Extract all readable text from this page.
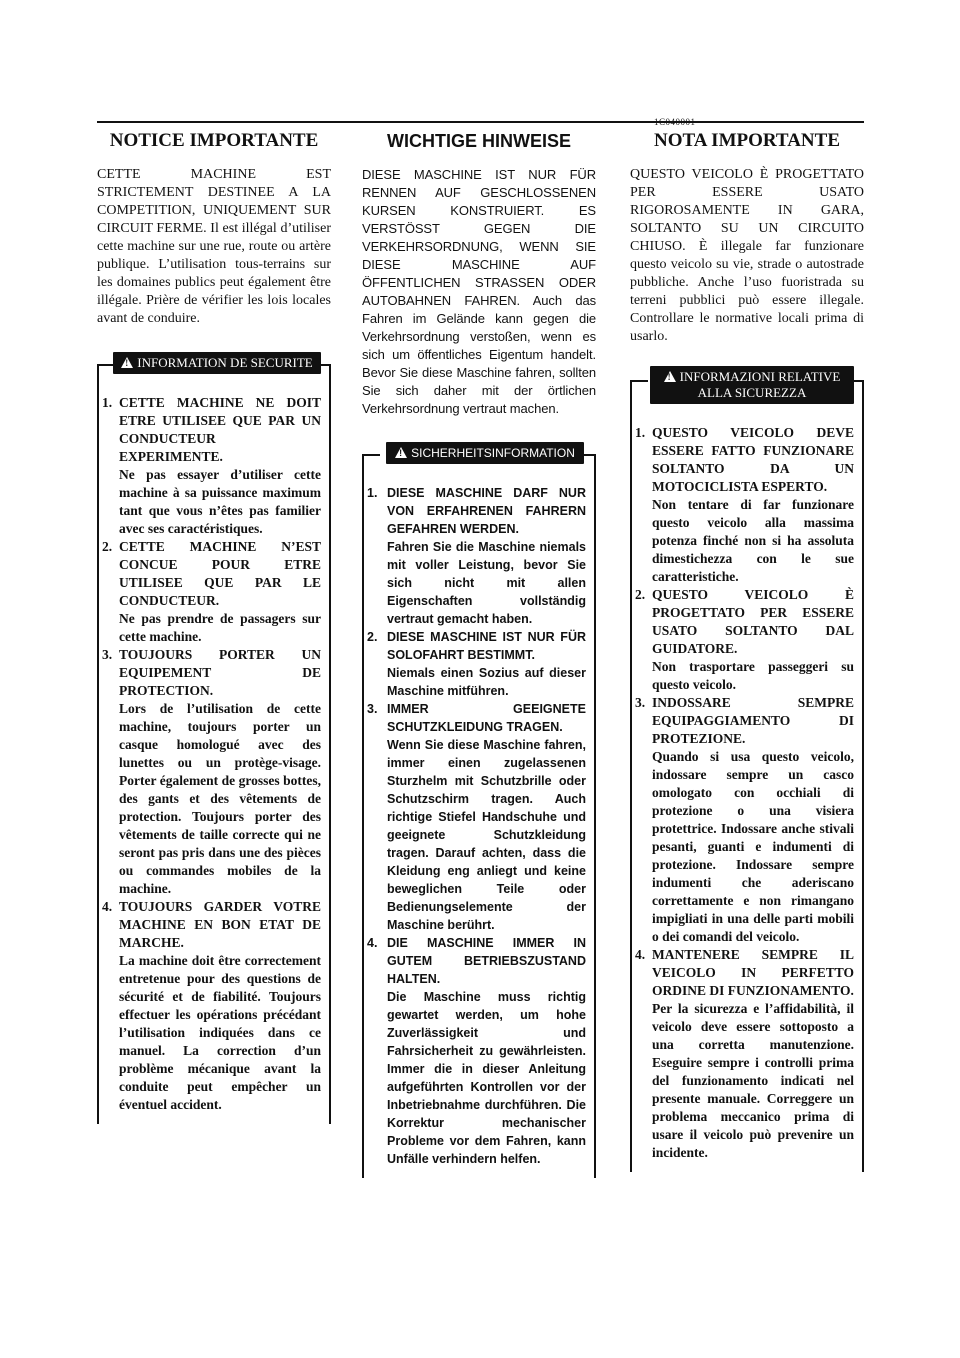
NOTICE IMPORTANTE
CETTE MACHINE EST STRICTEMENT DESTINEE A LA COMPETITION, UNIQUEMENT SUR CIRCUIT FERME. Il est illégal d’utiliser cette machine sur une rue, route ou artère publique. L’utilisation tous-terrains sur les domaines publics peut également être illégale. Prière de vérifier les lois locales avant de conduire.
!INFORMATION DE SECURITE
1. CETTE MACHINE NE DOIT ETRE UTILISEE QUE PAR UN CONDUCTEUR EXPERIMENTE.
Ne pas essayer d’utiliser cette machine à sa puissance maximum tant que vous n’êtes pas familier avec ses caractéristiques.
2. CETTE MACHINE N’EST CONCUE POUR ETRE UTILISEE QUE PAR LE CONDUCTEUR.
Ne pas prendre de passagers sur cette machine.
3. TOUJOURS PORTER UN EQUIPEMENT DE PROTECTION.
Lors de l’utilisation de cette machine, toujours porter un casque homologué avec des lunettes ou un protège-visage. Porter également de grosses bottes, des gants et des vêtements de protection. Toujours porter des vêtements de taille correcte qui ne seront pas pris dans une des pièces ou commandes mobiles de la machine.
4. TOUJOURS GARDER VOTRE MACHINE EN BON ETAT DE MARCHE.
La machine doit être correctement entretenue pour des questions de sécurité et de fiabilité. Toujours effectuer les opérations précédant l’utilisation indiquées dans ce manuel. La correction d’un problème mécanique avant la conduite peut empêcher un éventuel accident.
WICHTIGE HINWEISE
DIESE MASCHINE IST NUR FÜR RENNEN AUF GESCHLOSSENEN KURSEN KONSTRUIERT. ES VERSTÖSST GEGEN DIE VERKEHRSORDNUNG, WENN SIE DIESE MASCHINE AUF ÖFFENTLICHEN STRASSEN ODER AUTOBAHNEN FAHREN. Auch das Fahren im Gelände kann gegen die Verkehrsordnung verstoßen, wenn es sich um öffentliches Eigentum handelt. Bevor Sie diese Maschine fahren, sollten Sie sich daher mit der örtlichen Verkehrsordnung vertraut machen.
!SICHERHEITSINFORMATION
1. DIESE MASCHINE DARF NUR VON ERFAHRENEN FAHRERN GEFAHREN WERDEN.
Fahren Sie die Maschine niemals mit voller Leistung, bevor Sie sich nicht mit allen Eigenschaften vollständig vertraut gemacht haben.
2. DIESE MASCHINE IST NUR FÜR SOLOFAHRT BESTIMMT.
Niemals einen Sozius auf dieser Maschine mitführen.
3. IMMER GEEIGNETE SCHUTZKLEIDUNG TRAGEN.
Wenn Sie diese Maschine fahren, immer einen zugelassenen Sturzhelm mit Schutzbrille oder Schutzschirm tragen. Auch richtige Stiefel Handschuhe und geeignete Schutzkleidung tragen. Darauf achten, dass die Kleidung eng anliegt und keine beweglichen Teile oder Bedienungselemente der Maschine berührt.
4. DIE MASCHINE IMMER IN GUTEM BETRIEBSZUSTAND HALTEN.
Die Maschine muss richtig gewartet werden, um hohe Zuverlässigkeit und Fahrsicherheit zu gewährleisten. Immer die in dieser Anleitung aufgeführten Kontrollen vor der Inbetriebnahme durchführen. Die Korrektur mechanischer Probleme vor dem Fahren, kann Unfälle verhindern helfen.
NOTA IMPORTANTE
QUESTO VEICOLO È PROGETTATO PER ESSERE USATO RIGOROSAMENTE IN GARA, SOLTANTO SU UN CIRCUITO CHIUSO. È illegale far funzionare questo veicolo su vie, strade o autostrade pubbliche. Anche l’uso fuoristrada su terreni pubblici può essere illegale. Controllare le normative locali prima di usarlo.
!INFORMAZIONI RELATIVE ALLA SICUREZZA
1. QUESTO VEICOLO DEVE ESSERE FATTO FUNZIONARE SOLTANTO DA UN MOTOCICLISTA ESPERTO.
Non tentare di far funzionare questo veicolo alla massima potenza finché non si ha assoluta dimestichezza con le sue caratteristiche.
2. QUESTO VEICOLO È PROGETTATO PER ESSERE USATO SOLTANTO DAL GUIDATORE.
Non trasportare passeggeri su questo veicolo.
3. INDOSSARE SEMPRE EQUIPAGGIAMENTO DI PROTEZIONE.
Quando si usa questo veicolo, indossare sempre un casco omologato con occhiali di protezione o una visiera protettrice. Indossare anche stivali pesanti, guanti e indumenti di protezione. Indossare sempre indumenti che aderiscano correttamente e non rimangano impigliati in una delle parti mobili o dei comandi del veicolo.
4. MANTENERE SEMPRE IL VEICOLO IN PERFETTO ORDINE DI FUNZIONAMENTO.
Per la sicurezza e l’affidabilità, il veicolo deve essere sottoposto a una corretta manutenzione. Eseguire sempre i controlli prima del funzionamento indicati nel presente manuale. Correggere un problema meccanico prima di usare il veicolo può prevenire un incidente.
